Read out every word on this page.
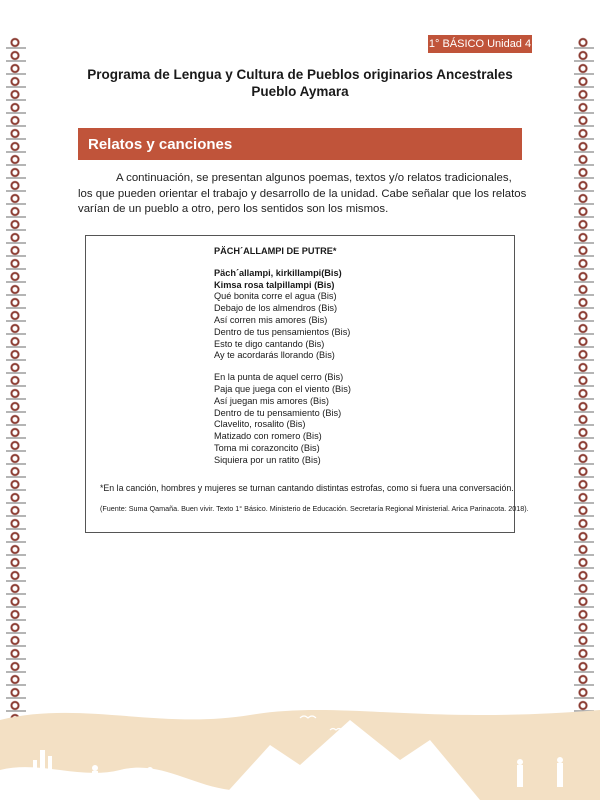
1° BÁSICO Unidad 4
Programa de Lengua y Cultura de Pueblos originarios Ancestrales
Pueblo Aymara
Relatos y canciones

A continuación, se presentan algunos poemas, textos y/o relatos tradicionales, los que pueden orientar el trabajo y desarrollo de la unidad. Cabe señalar que los relatos varían de un pueblo a otro, pero los sentidos son los mismos.

PÄCH´ALLAMPI DE PUTRE*
Päch´allampi, kirkillampi(Bis)
Kimsa rosa talpillampi (Bis)
Qué bonita corre el agua (Bis)
Debajo de los almendros (Bis)
Así corren mis amores (Bis)
Dentro de tus pensamientos (Bis)
Esto te digo cantando (Bis)
Ay te acordarás llorando (Bis)
En la punta de aquel cerro (Bis)
Paja que juega con el viento (Bis)
Así juegan mis amores (Bis)
Dentro de tu pensamiento (Bis)
Clavelito, rosalito (Bis)
Matizado con romero (Bis)
Toma mi corazoncito (Bis)
Siquiera por un ratito (Bis)
*En la canción, hombres y mujeres se turnan cantando distintas estrofas, como si fuera una conversación.
(Fuente: Suma Qamaña. Buen vivir. Texto 1° Básico. Ministerio de Educación. Secretaría Regional Ministerial. Arica Parinacota. 2018).
